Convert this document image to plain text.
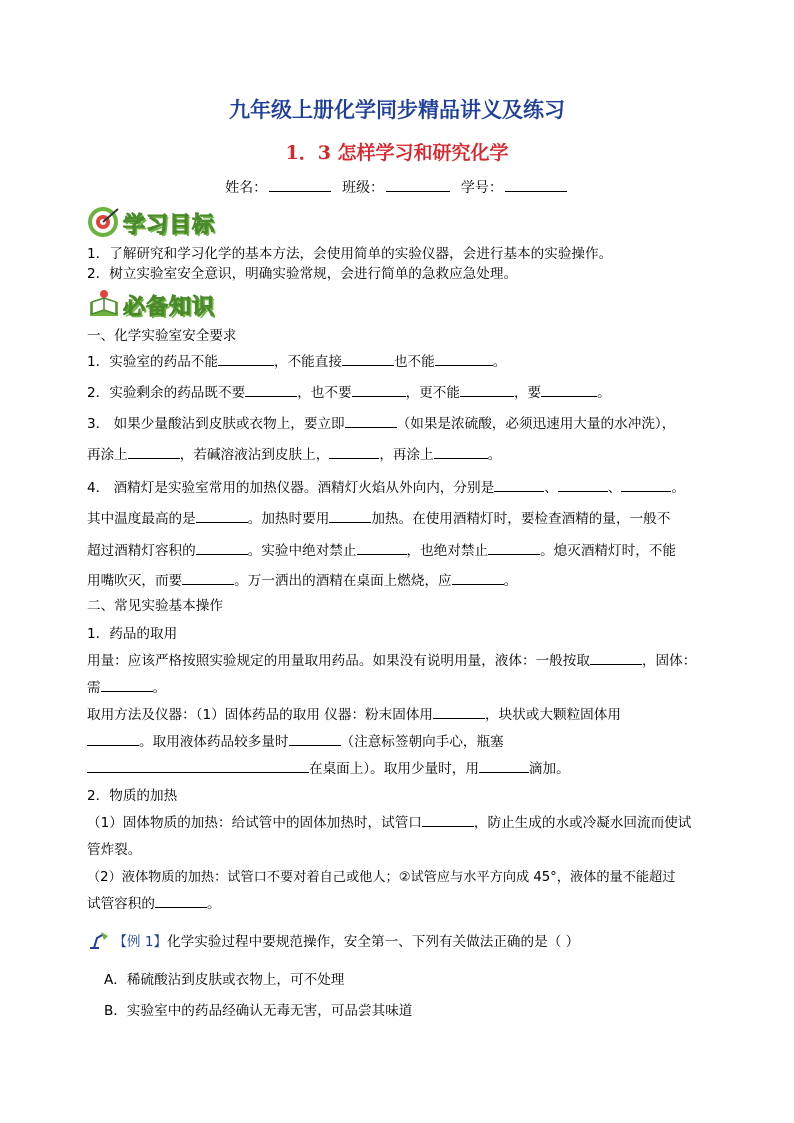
九年级上册化学同步精品讲义及练习
1．3 怎样学习和研究化学
姓名：	班级：	学号：
学习目标
1．了解研究和学习化学的基本方法，会使用简单的实验仪器，会进行基本的实验操作。
2．树立实验室安全意识，明确实验常规，会进行简单的急救应急处理。
必备知识
一、化学实验室安全要求
1．实验室的药品不能	，不能直接	也不能	。
2．实验剩余的药品既不要	，也不要	，更不能	，要	。
3． 如果少量酸沾到皮肤或衣物上，要立即	（如果是浓硫酸，必须迅速用大量的水冲洗），
再涂上	，若碱溶液沾到皮肤上，	，再涂上	。
4． 酒精灯是实验室常用的加热仪器。酒精灯火焰从外向内，分别是	、	、	。
其中温度最高的是	。加热时要用	加热。在使用酒精灯时，要检查酒精的量，一般不
超过酒精灯容积的	。实验中绝对禁止	，也绝对禁止	。熄灭酒精灯时，不能
用嘴吹灭，而要	。万一洒出的酒精在桌面上燃烧，应	。
二、常见实验基本操作
1．药品的取用
用量：应该严格按照实验规定的用量取用药品。如果没有说明用量，液体：一般按取	，固体：
需	。
取用方法及仪器：（1）固体药品的取用 仪器：粉末固体用	，块状或大颗粒固体用
。取用液体药品较多量时	（注意标签朝向手心，瓶塞
在桌面上）。取用少量时，用	滴加。
2．物质的加热
（1）固体物质的加热：给试管中的固体加热时，试管口	，防止生成的水或冷凝水回流而使试
管炸裂。
（2）液体物质的加热：试管口不要对着自己或他人；②试管应与水平方向成 45°，液体的量不能超过
试管容积的	。
【例 1】化学实验过程中要规范操作，安全第一、下列有关做法正确的是（ ）
A．稀硫酸沾到皮肤或衣物上，可不处理
B．实验室中的药品经确认无毒无害，可品尝其味道
